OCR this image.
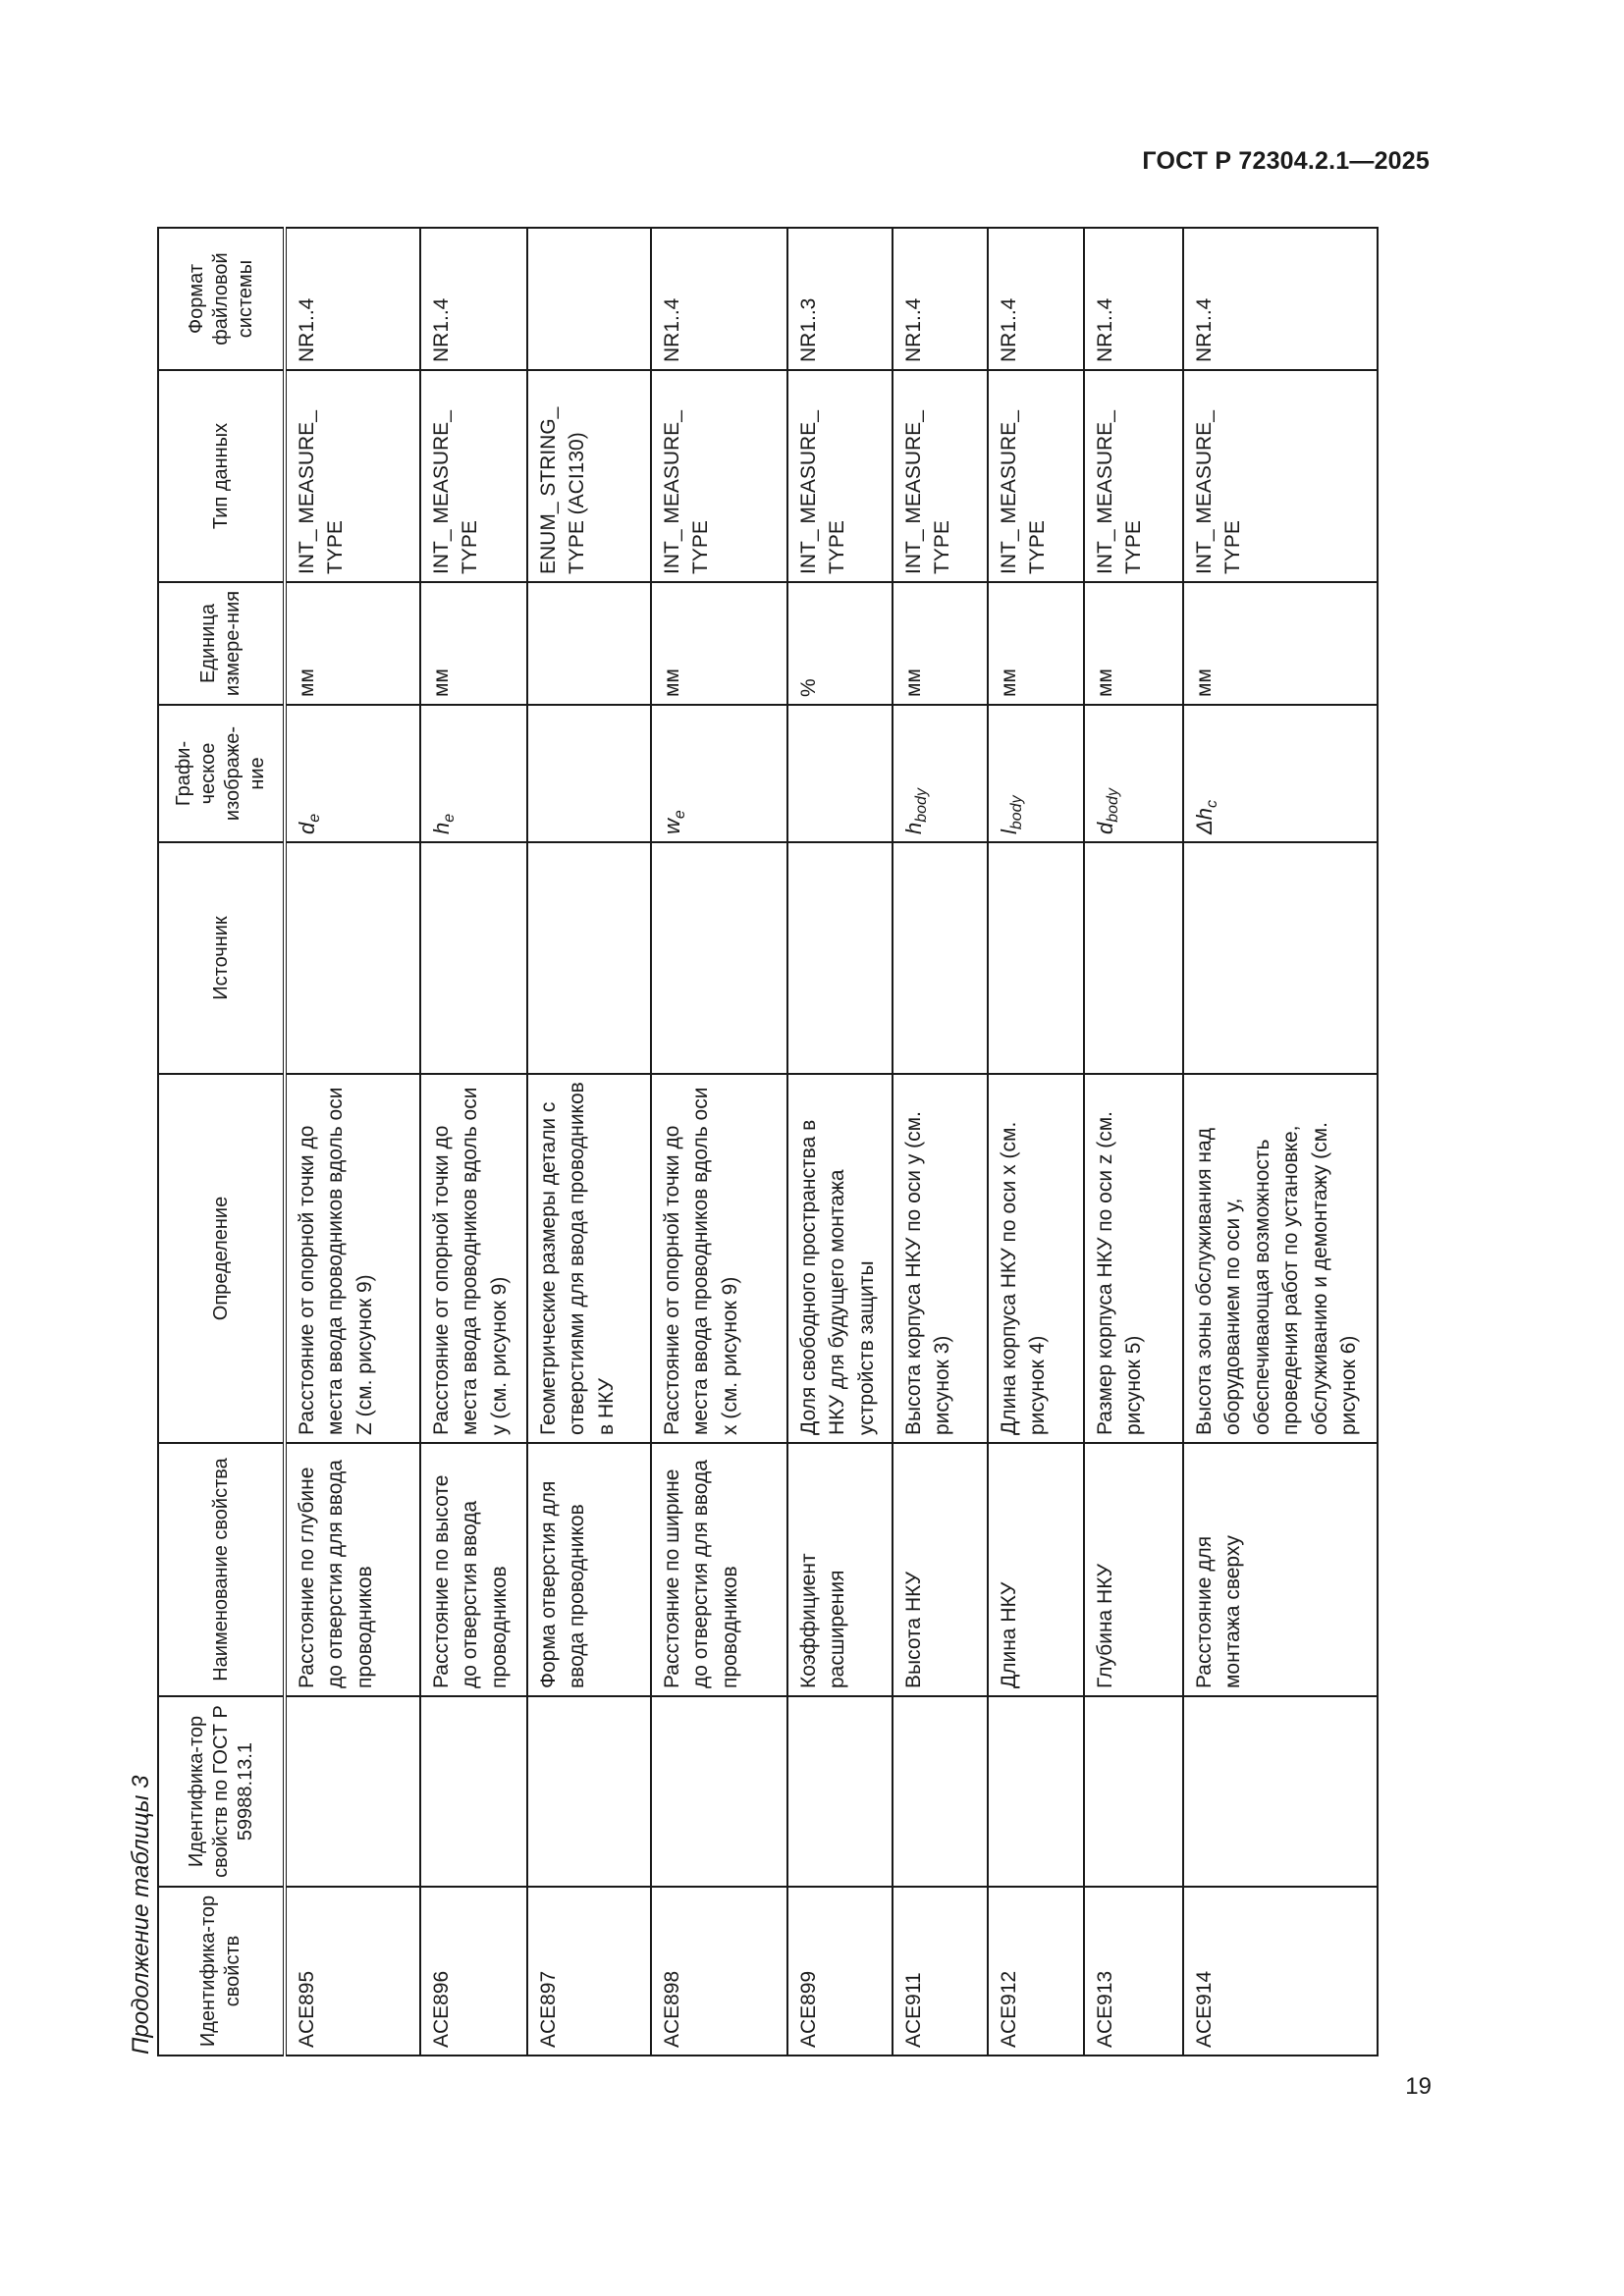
ГОСТ Р 72304.2.1—2025
Продолжение таблицы 3 Идентифика-тор свойств	Идентифика-тор свойств по ГОСТ Р 59988.13.1	Наименование свойства	Определение	Источник	Графи-ческое изображе-ние	Единица измере-ния	Тип данных	Формат файловой системы
ACE895		Расстояние по глубине до отверстия для ввода проводников	Расстояние от опорной точки до места ввода проводников вдоль оси Z (см. рисунок 9)		$d_e$	мм	INT_ MEASURE_ TYPE	NR1..4
ACE896		Расстояние по высоте до отверстия ввода проводников	Расстояние от опорной точки до места ввода проводников вдоль оси у (см. рисунок 9)		$h_e$	мм	INT_ MEASURE_ TYPE	NR1..4
ACE897		Форма отверстия для ввода проводников	Геометрические размеры детали с отверстиями для ввода проводников в НКУ				ENUM_ STRING_ TYPE (ACI130)	
ACE898		Расстояние по ширине до отверстия для ввода проводников	Расстояние от опорной точки до места ввода проводников вдоль оси х (см. рисунок 9)		$w_e$	мм	INT_ MEASURE_ TYPE	NR1..4
ACE899		Коэффициент расширения	Доля свободного пространства в НКУ для будущего монтажа устройств защиты			%	INT_ MEASURE_ TYPE	NR1..3
ACE911		Высота НКУ	Высота корпуса НКУ по оси у (см. рисунок 3)		$h_{body}$	мм	INT_ MEASURE_ TYPE	NR1..4
ACE912		Длина НКУ	Длина корпуса НКУ по оси х (см. рисунок 4)		$l_{body}$	мм	INT_ MEASURE_ TYPE	NR1..4
ACE913		Глубина НКУ	Размер корпуса НКУ по оси z (см. рисунок 5)		$d_{body}$	мм	INT_ MEASURE_ TYPE	NR1..4
ACE914		Расстояние для монтажа сверху	Высота зоны обслуживания над оборудованием по оси у, обеспечивающая возможность проведения работ по установке, обслуживанию и демонтажу (см. рисунок 6)		$\Delta h_c$	мм	INT_ MEASURE_ TYPE	NR1..4
19
